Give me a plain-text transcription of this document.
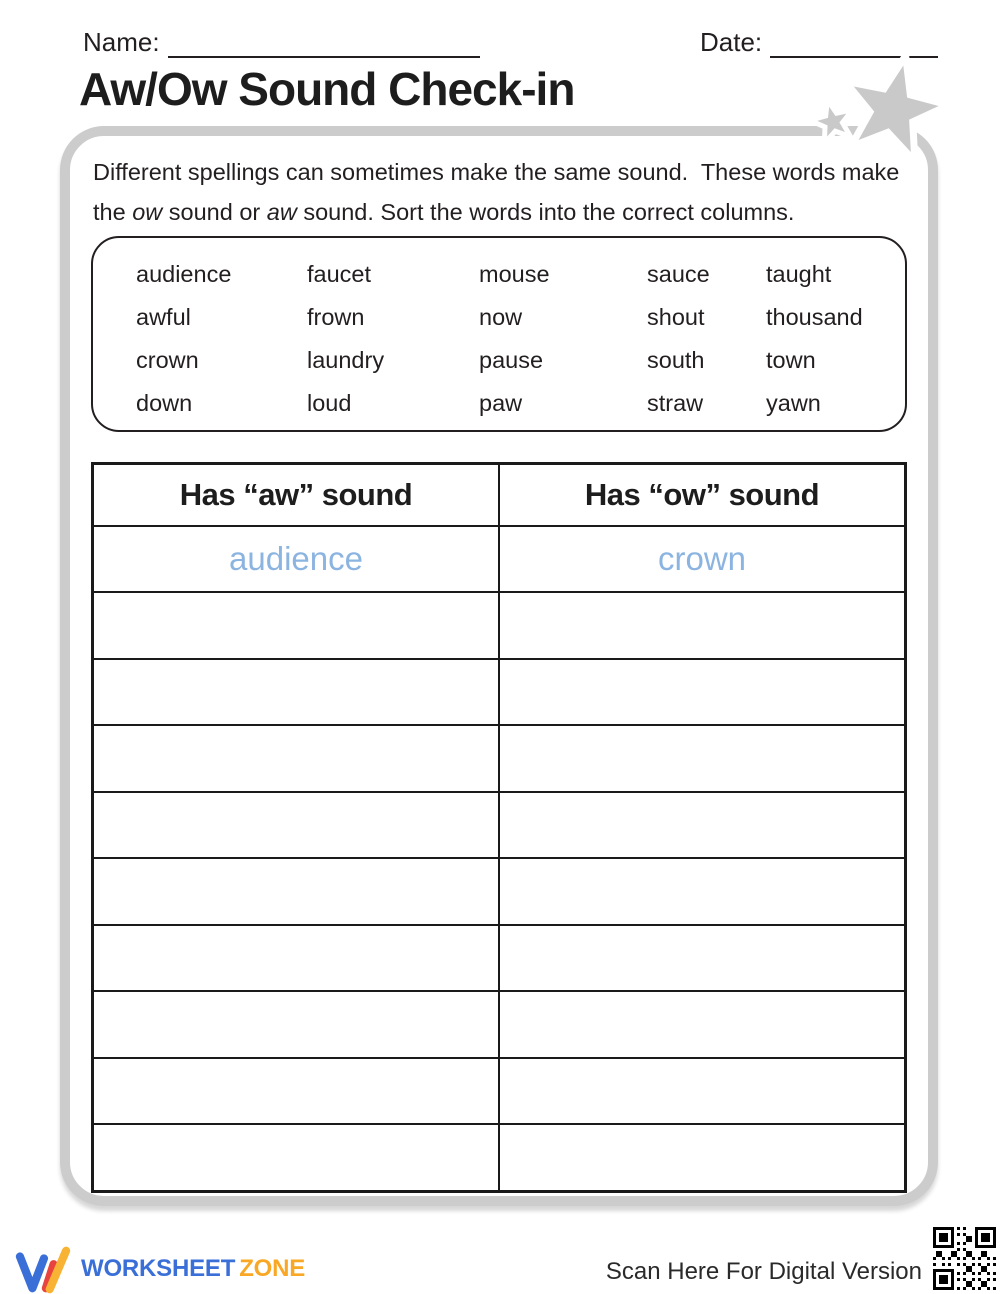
Name:	Date:
Aw/Ow Sound Check-in
Different spellings can sometimes make the same sound.  These words make the ow sound or aw sound. Sort the words into the correct columns.
audience	faucet	mouse	sauce	taught
awful	frown	now	shout	thousand
crown	laundry	pause	south	town
down	loud	paw	straw	yawn
Has “aw” sound	Has “ow” sound
audience	crown

WORKSHEET ZONE	Scan Here For Digital Version
